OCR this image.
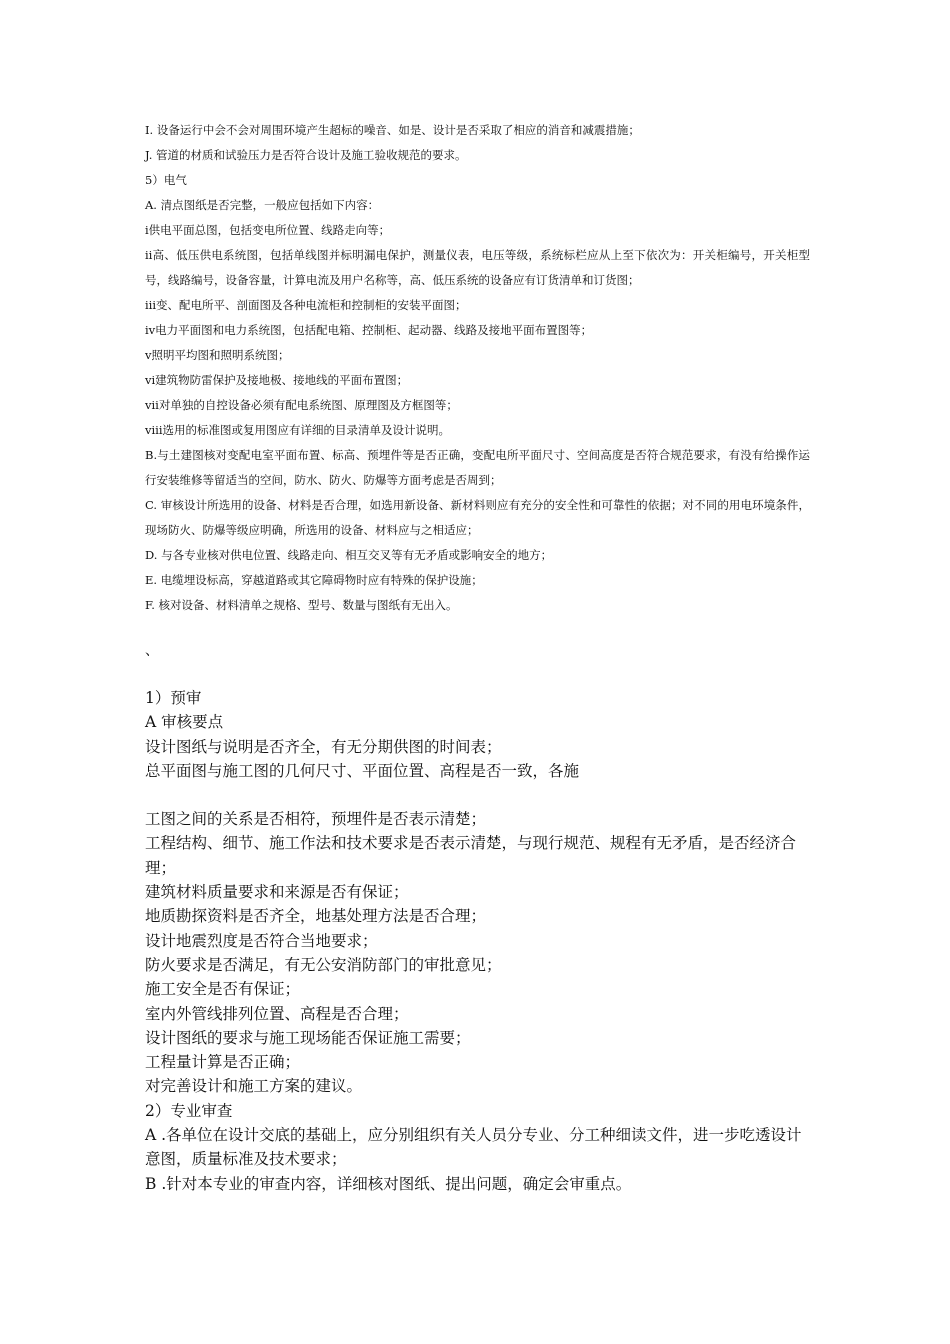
I. 设备运行中会不会对周围环境产生超标的噪音、如是、设计是否采取了相应的消音和减震措施；

J. 管道的材质和试验压力是否符合设计及施工验收规范的要求。

5）电气

A. 清点图纸是否完整，一般应包括如下内容：

ⅰ供电平面总图，包括变电所位置、线路走向等；

ⅱ高、低压供电系统图，包括单线图并标明漏电保护，测量仪表，电压等级，系统标栏应从上至下依次为：开关柜编号，开关柜型号，线路编号，设备容量，计算电流及用户名称等，高、低压系统的设备应有订货清单和订货图；

ⅲ变、配电所平、剖面图及各种电流柜和控制柜的安装平面图；

ⅳ电力平面图和电力系统图，包括配电箱、控制柜、起动器、线路及接地平面布置图等；

ⅴ照明平均图和照明系统图；

ⅵ建筑物防雷保护及接地极、接地线的平面布置图；

ⅶ对单独的自控设备必须有配电系统图、原理图及方框图等；

ⅷ选用的标准图或复用图应有详细的目录清单及设计说明。

B.与土建图核对变配电室平面布置、标高、预埋件等是否正确，变配电所平面尺寸、空间高度是否符合规范要求，有没有给操作运行安装维修等留适当的空间，防水、防火、防爆等方面考虑是否周到；

C. 审核设计所选用的设备、材料是否合理，如选用新设备、新材料则应有充分的安全性和可靠性的依据；对不同的用电环境条件，现场防火、防爆等级应明确，所选用的设备、材料应与之相适应；

D. 与各专业核对供电位置、线路走向、相互交叉等有无矛盾或影响安全的地方；

E. 电缆埋设标高，穿越道路或其它障碍物时应有特殊的保护设施；

F. 核对设备、材料清单之规格、型号、数量与图纸有无出入。

、

1）预审

A 审核要点

设计图纸与说明是否齐全，有无分期供图的时间表；

总平面图与施工图的几何尺寸、平面位置、高程是否一致，各施

工图之间的关系是否相符，预埋件是否表示清楚；

工程结构、细节、施工作法和技术要求是否表示清楚，与现行规范、规程有无矛盾，是否经济合理；

建筑材料质量要求和来源是否有保证；

地质勘探资料是否齐全，地基处理方法是否合理；

设计地震烈度是否符合当地要求；

防火要求是否满足，有无公安消防部门的审批意见；

施工安全是否有保证；

室内外管线排列位置、高程是否合理；

设计图纸的要求与施工现场能否保证施工需要；

工程量计算是否正确；

对完善设计和施工方案的建议。

2）专业审查

A .各单位在设计交底的基础上，应分别组织有关人员分专业、分工种细读文件，进一步吃透设计意图，质量标准及技术要求；

B .针对本专业的审查内容，详细核对图纸、提出问题，确定会审重点。
